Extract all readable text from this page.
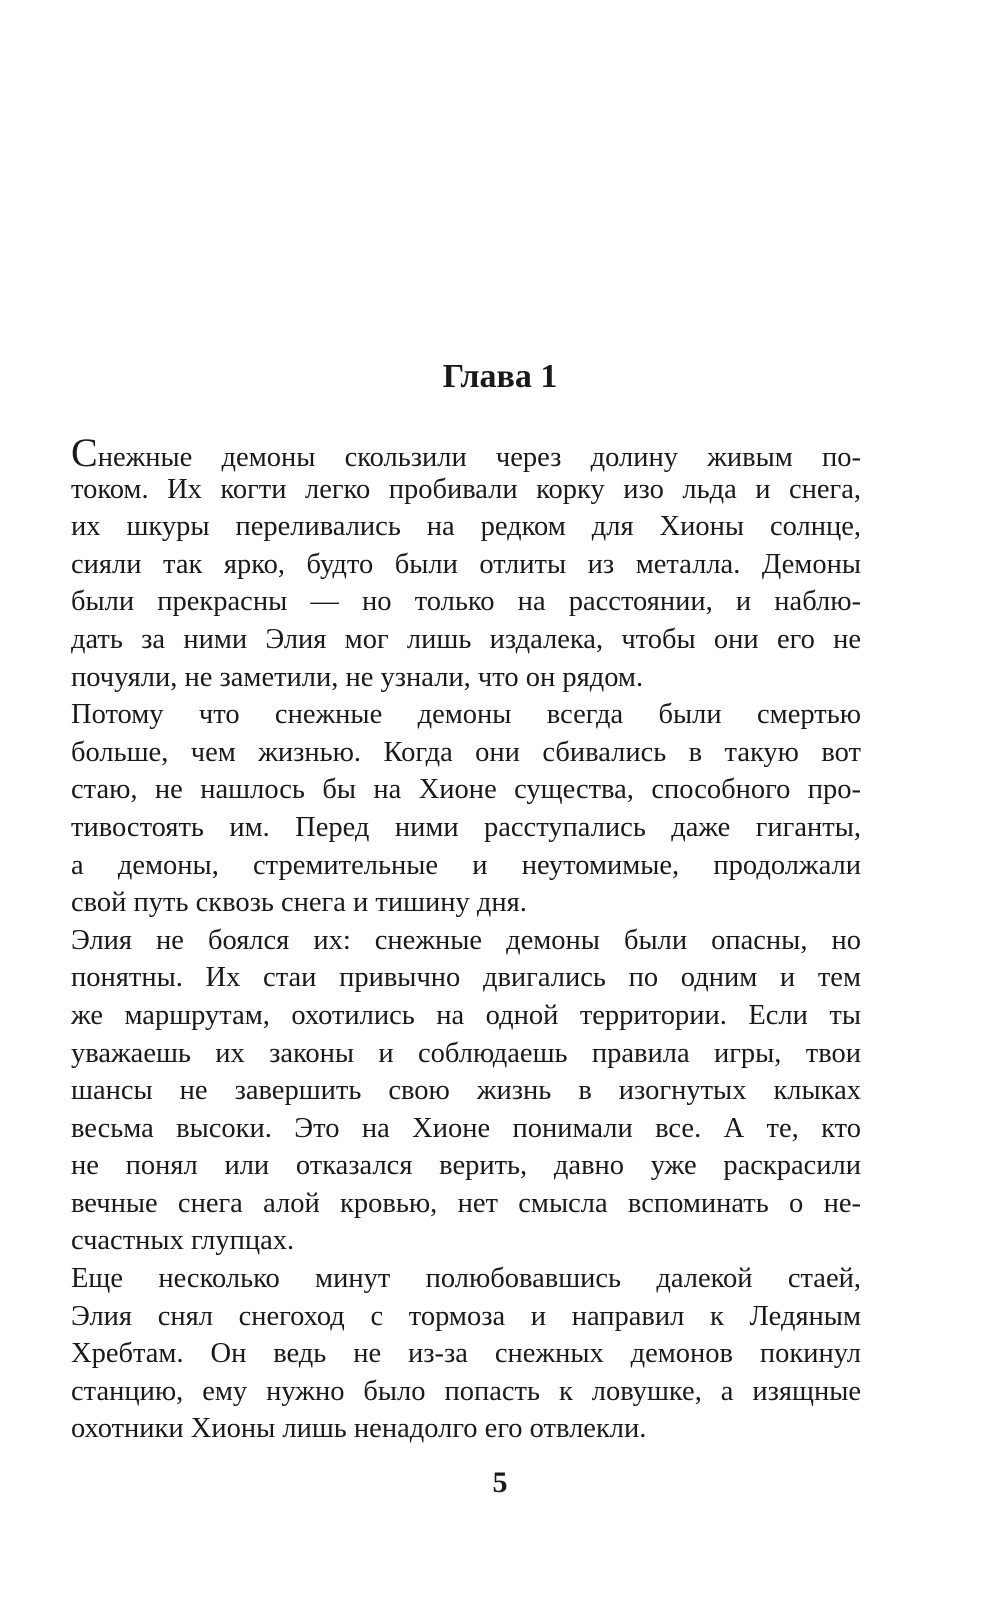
Глава 1
Снежные демоны скользили через долину живым по-
током. Их когти легко пробивали корку изо льда и снега,
их шкуры переливались на редком для Хионы солнце,
сияли так ярко, будто были отлиты из металла. Демоны
были прекрасны — но только на расстоянии, и наблю-
дать за ними Элия мог лишь издалека, чтобы они его не
почуяли, не заметили, не узнали, что он рядом.
Потому что снежные демоны всегда были смертью
больше, чем жизнью. Когда они сбивались в такую вот
стаю, не нашлось бы на Хионе существа, способного про-
тивостоять им. Перед ними расступались даже гиганты,
а демоны, стремительные и неутомимые, продолжали
свой путь сквозь снега и тишину дня.
Элия не боялся их: снежные демоны были опасны, но
понятны. Их стаи привычно двигались по одним и тем
же маршрутам, охотились на одной территории. Если ты
уважаешь их законы и соблюдаешь правила игры, твои
шансы не завершить свою жизнь в изогнутых клыках
весьма высоки. Это на Хионе понимали все. А те, кто
не понял или отказался верить, давно уже раскрасили
вечные снега алой кровью, нет смысла вспоминать о не-
счастных глупцах.
Еще несколько минут полюбовавшись далекой стаей,
Элия снял снегоход с тормоза и направил к Ледяным
Хребтам. Он ведь не из-за снежных демонов покинул
станцию, ему нужно было попасть к ловушке, а изящные
охотники Хионы лишь ненадолго его отвлекли.
5
